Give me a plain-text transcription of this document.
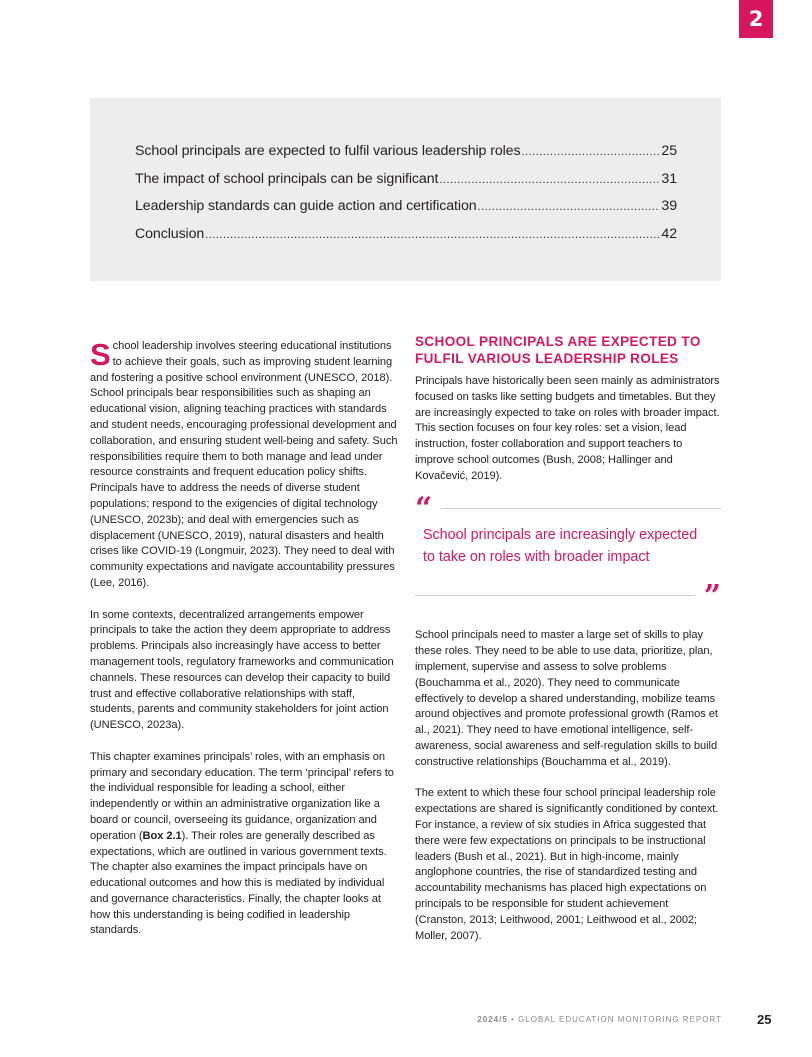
2
School principals are expected to fulfil various leadership roles .....	25
The impact of school principals can be significant .....	31
Leadership standards can guide action and certification .....	39
Conclusion .....	42

School leadership involves steering educational institutions to achieve their goals, such as improving student learning and fostering a positive school environment (UNESCO, 2018). School principals bear responsibilities such as shaping an educational vision, aligning teaching practices with standards and student needs, encouraging professional development and collaboration, and ensuring student well-being and safety. Such responsibilities require them to both manage and lead under resource constraints and frequent education policy shifts. Principals have to address the needs of diverse student populations; respond to the exigencies of digital technology (UNESCO, 2023b); and deal with emergencies such as displacement (UNESCO, 2019), natural disasters and health crises like COVID-19 (Longmuir, 2023). They need to deal with community expectations and navigate accountability pressures (Lee, 2016).

In some contexts, decentralized arrangements empower principals to take the action they deem appropriate to address problems. Principals also increasingly have access to better management tools, regulatory frameworks and communication channels. These resources can develop their capacity to build trust and effective collaborative relationships with staff, students, parents and community stakeholders for joint action (UNESCO, 2023a).

This chapter examines principals’ roles, with an emphasis on primary and secondary education. The term ‘principal’ refers to the individual responsible for leading a school, either independently or within an administrative organization like a board or council, overseeing its guidance, organization and operation (Box 2.1). Their roles are generally described as expectations, which are outlined in various government texts. The chapter also examines the impact principals have on educational outcomes and how this is mediated by individual and governance characteristics. Finally, the chapter looks at how this understanding is being codified in leadership standards.

SCHOOL PRINCIPALS ARE EXPECTED TO FULFIL VARIOUS LEADERSHIP ROLES

Principals have historically been seen mainly as administrators focused on tasks like setting budgets and timetables. But they are increasingly expected to take on roles with broader impact. This section focuses on four key roles: set a vision, lead instruction, foster collaboration and support teachers to improve school outcomes (Bush, 2008; Hallinger and Kovačević, 2019).

“
School principals are increasingly expected to take on roles with broader impact
”

School principals need to master a large set of skills to play these roles. They need to be able to use data, prioritize, plan, implement, supervise and assess to solve problems (Bouchamma et al., 2020). They need to communicate effectively to develop a shared understanding, mobilize teams around objectives and promote professional growth (Ramos et al., 2021). They need to have emotional intelligence, self-awareness, social awareness and self-regulation skills to build constructive relationships (Bouchamma et al., 2019).

The extent to which these four school principal leadership role expectations are shared is significantly conditioned by context. For instance, a review of six studies in Africa suggested that there were few expectations on principals to be instructional leaders (Bush et al., 2021). But in high-income, mainly anglophone countries, the rise of standardized testing and accountability mechanisms has placed high expectations on principals to be responsible for student achievement (Cranston, 2013; Leithwood, 2001; Leithwood et al., 2002; Moller, 2007).

2024/5 • GLOBAL EDUCATION MONITORING REPORT	25
